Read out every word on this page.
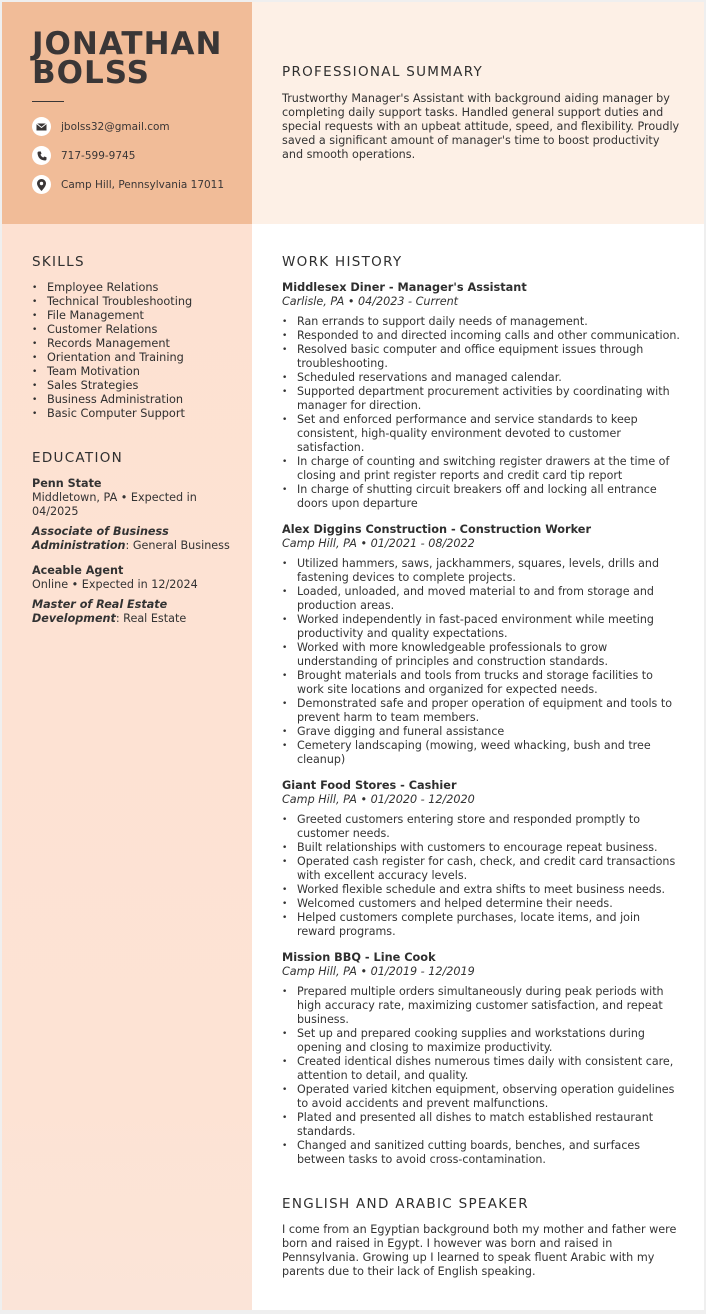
JONATHAN
BOLSS
jbolss32@gmail.com
717-599-9745
Camp Hill, Pennsylvania 17011
PROFESSIONAL SUMMARY

Trustworthy Manager's Assistant with background aiding manager by completing daily support tasks. Handled general support duties and special requests with an upbeat attitude, speed, and flexibility. Proudly saved a significant amount of manager's time to boost productivity and smooth operations.

SKILLS
• Employee Relations
• Technical Troubleshooting
• File Management
• Customer Relations
• Records Management
• Orientation and Training
• Team Motivation
• Sales Strategies
• Business Administration
• Basic Computer Support
EDUCATION
Penn State
Middletown, PA • Expected in 04/2025
Associate of Business Administration: General Business
Aceable Agent
Online • Expected in 12/2024
Master of Real Estate Development: Real Estate
WORK HISTORY
Middlesex Diner - Manager's Assistant
Carlisle, PA • 04/2023 - Current
• Ran errands to support daily needs of management.
• Responded to and directed incoming calls and other communication.
• Resolved basic computer and office equipment issues through troubleshooting.
• Scheduled reservations and managed calendar.
• Supported department procurement activities by coordinating with manager for direction.
• Set and enforced performance and service standards to keep consistent, high-quality environment devoted to customer satisfaction.
• In charge of counting and switching register drawers at the time of closing and print register reports and credit card tip report
• In charge of shutting circuit breakers off and locking all entrance doors upon departure
Alex Diggins Construction - Construction Worker
Camp Hill, PA • 01/2021 - 08/2022
• Utilized hammers, saws, jackhammers, squares, levels, drills and fastening devices to complete projects.
• Loaded, unloaded, and moved material to and from storage and production areas.
• Worked independently in fast-paced environment while meeting productivity and quality expectations.
• Worked with more knowledgeable professionals to grow understanding of principles and construction standards.
• Brought materials and tools from trucks and storage facilities to work site locations and organized for expected needs.
• Demonstrated safe and proper operation of equipment and tools to prevent harm to team members.
• Grave digging and funeral assistance
• Cemetery landscaping (mowing, weed whacking, bush and tree cleanup)
Giant Food Stores - Cashier
Camp Hill, PA • 01/2020 - 12/2020
• Greeted customers entering store and responded promptly to customer needs.
• Built relationships with customers to encourage repeat business.
• Operated cash register for cash, check, and credit card transactions with excellent accuracy levels.
• Worked flexible schedule and extra shifts to meet business needs.
• Welcomed customers and helped determine their needs.
• Helped customers complete purchases, locate items, and join reward programs.
Mission BBQ - Line Cook
Camp Hill, PA • 01/2019 - 12/2019
• Prepared multiple orders simultaneously during peak periods with high accuracy rate, maximizing customer satisfaction, and repeat business.
• Set up and prepared cooking supplies and workstations during opening and closing to maximize productivity.
• Created identical dishes numerous times daily with consistent care, attention to detail, and quality.
• Operated varied kitchen equipment, observing operation guidelines to avoid accidents and prevent malfunctions.
• Plated and presented all dishes to match established restaurant standards.
• Changed and sanitized cutting boards, benches, and surfaces between tasks to avoid cross-contamination.
ENGLISH AND ARABIC SPEAKER

I come from an Egyptian background both my mother and father were born and raised in Egypt. I however was born and raised in Pennsylvania. Growing up I learned to speak fluent Arabic with my parents due to their lack of English speaking.
